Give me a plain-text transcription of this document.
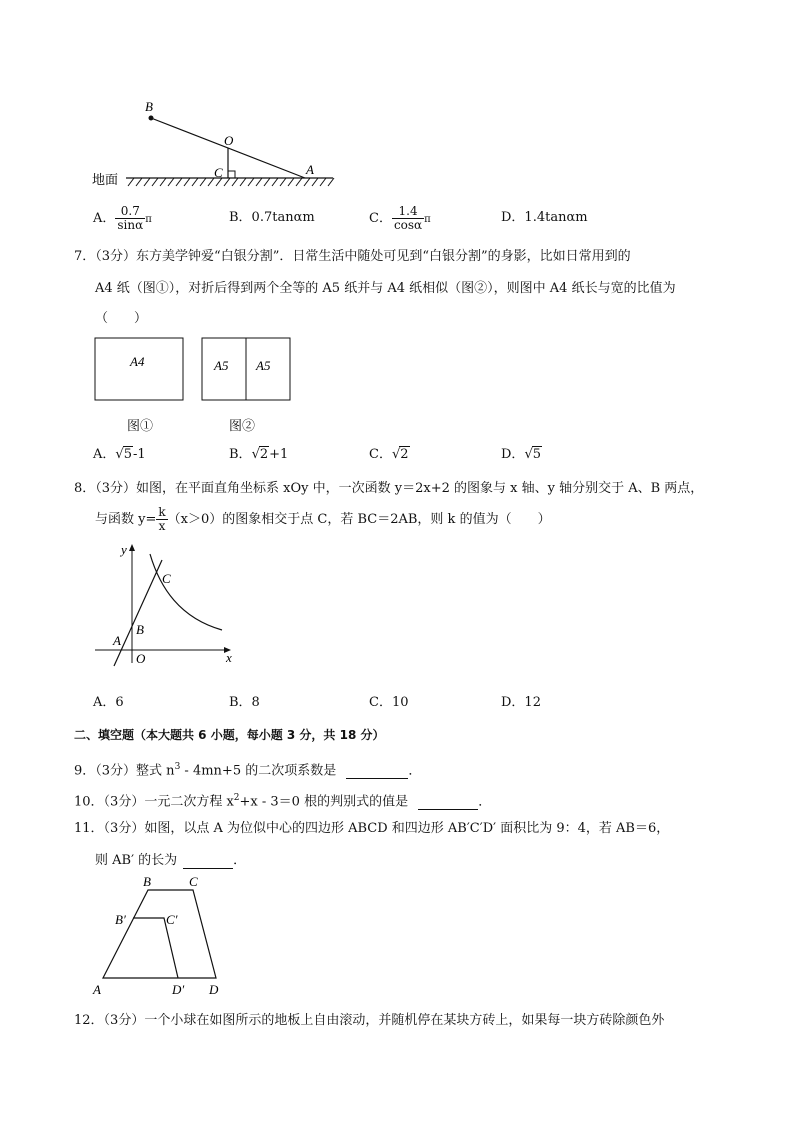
B
O
C	A
地面
A． $\frac{0.7}{\sin\alpha}$ π	B．0.7tanαm	C． $\frac{1.4}{\cos\alpha}$ π	D．1.4tanαm
7．（3分）东方美学钟爱“白银分割”．日常生活中随处可见到“白银分割”的身影，比如日常用到的
A4 纸（图①），对折后得到两个全等的 A5 纸并与 A4 纸相似（图②），则图中 A4 纸长与宽的比值为
（　　）
A4	A5 A5
图①	图②
A．√5-1	B．√2+1	C．√2	D．√5
8．（3分）如图，在平面直角坐标系 xOy 中，一次函数 y＝2x+2 的图象与 x 轴、y 轴分别交于 A、B 两点，
与函数 $y= \frac{k}{x} (x>0)$的图象相交于点 C，若 BC＝2AB，则 k 的值为（　　）
y
x
C
A
B
O
A．6	B．8	C．10	D．12
二、填空题（本大题共 6 小题，每小题 3 分，共 18 分）
9．（3分）整式 $n^3 - 4mn+5$ 的二次项系数是	．
10．（3分）一元二次方程 $x^2+x - 3=0$ 根的判别式的值是	．
11．（3分）如图，以点 A 为位似中心的四边形 ABCD 和四边形 AB′C′D′ 面积比为 9：4，若 AB＝6，
则 AB′ 的长为	．
B	C
B′	C′
A	D′ D
12．（3分）一个小球在如图所示的地板上自由滚动，并随机停在某块方砖上，如果每一块方砖除颜色外
